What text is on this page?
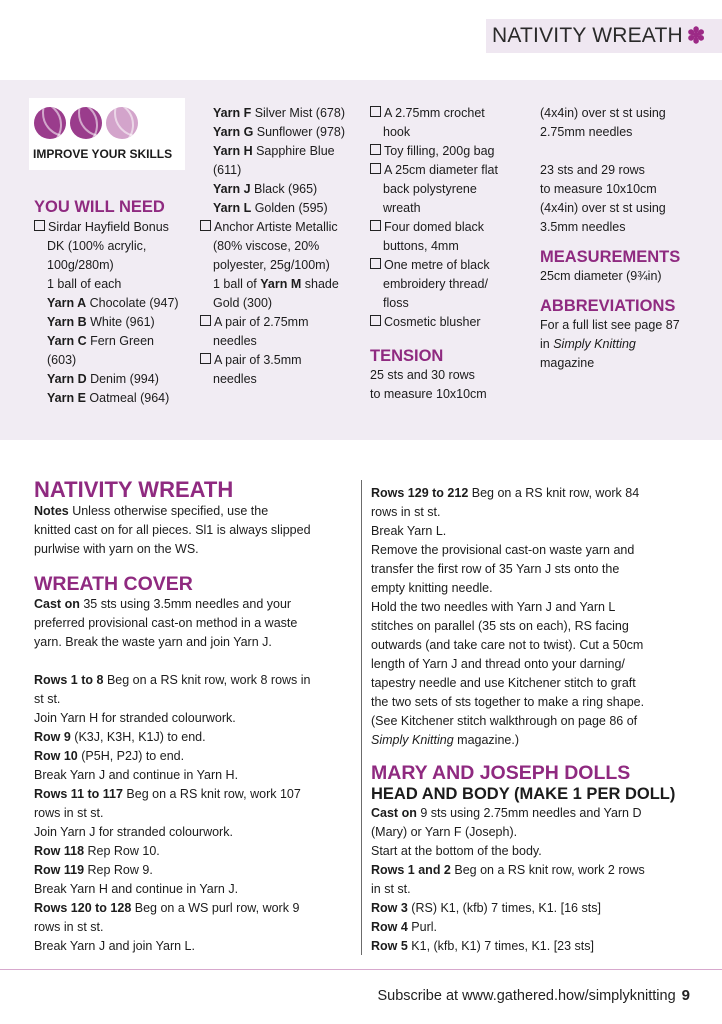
NATIVITY WREATH ✽
IMPROVE YOUR SKILLS

YOU WILL NEED

Sirdar Hayfield Bonus

DK (100% acrylic,

100g/280m)

1 ball of each

Yarn A Chocolate (947)

Yarn B White (961)

Yarn C Fern Green

(603)

Yarn D Denim (994)

Yarn E Oatmeal (964)

Yarn F Silver Mist (678)

Yarn G Sunflower (978)

Yarn H Sapphire Blue

(611)

Yarn J Black (965)

Yarn L Golden (595)

Anchor Artiste Metallic

(80% viscose, 20%

polyester, 25g/100m)

1 ball of Yarn M shade

Gold (300)

A pair of 2.75mm

needles

A pair of 3.5mm

needles

A 2.75mm crochet

hook

Toy filling, 200g bag

A 25cm diameter flat

back polystyrene

wreath

Four domed black

buttons, 4mm

One metre of black

embroidery thread/

floss

Cosmetic blusher

TENSION

25 sts and 30 rows

to measure 10x10cm

(4x4in) over st st using

2.75mm needles

23 sts and 29 rows

to measure 10x10cm

(4x4in) over st st using

3.5mm needles

MEASUREMENTS

25cm diameter (9¾in)

ABBREVIATIONS

For a full list see page 87

in Simply Knitting

magazine

NATIVITY WREATH

Notes Unless otherwise specified, use the

knitted cast on for all pieces. Sl1 is always slipped

purlwise with yarn on the WS.

WREATH COVER

Cast on 35 sts using 3.5mm needles and your

preferred provisional cast-on method in a waste

yarn. Break the waste yarn and join Yarn J.

Rows 1 to 8 Beg on a RS knit row, work 8 rows in

st st.

Join Yarn H for stranded colourwork.

Row 9 (K3J, K3H, K1J) to end.

Row 10 (P5H, P2J) to end.

Break Yarn J and continue in Yarn H.

Rows 11 to 117 Beg on a RS knit row, work 107

rows in st st.

Join Yarn J for stranded colourwork.

Row 118 Rep Row 10.

Row 119 Rep Row 9.

Break Yarn H and continue in Yarn J.

Rows 120 to 128 Beg on a WS purl row, work 9

rows in st st.

Break Yarn J and join Yarn L.

Rows 129 to 212 Beg on a RS knit row, work 84

rows in st st.

Break Yarn L.

Remove the provisional cast-on waste yarn and

transfer the first row of 35 Yarn J sts onto the

empty knitting needle.

Hold the two needles with Yarn J and Yarn L

stitches on parallel (35 sts on each), RS facing

outwards (and take care not to twist). Cut a 50cm

length of Yarn J and thread onto your darning/

tapestry needle and use Kitchener stitch to graft

the two sets of sts together to make a ring shape.

(See Kitchener stitch walkthrough on page 86 of

Simply Knitting magazine.)

MARY AND JOSEPH DOLLS

HEAD AND BODY (MAKE 1 PER DOLL)

Cast on 9 sts using 2.75mm needles and Yarn D

(Mary) or Yarn F (Joseph).

Start at the bottom of the body.

Rows 1 and 2 Beg on a RS knit row, work 2 rows

in st st.

Row 3 (RS) K1, (kfb) 7 times, K1. [16 sts]

Row 4 Purl.

Row 5 K1, (kfb, K1) 7 times, K1. [23 sts]

Subscribe at www.gathered.how/simplyknitting 9
